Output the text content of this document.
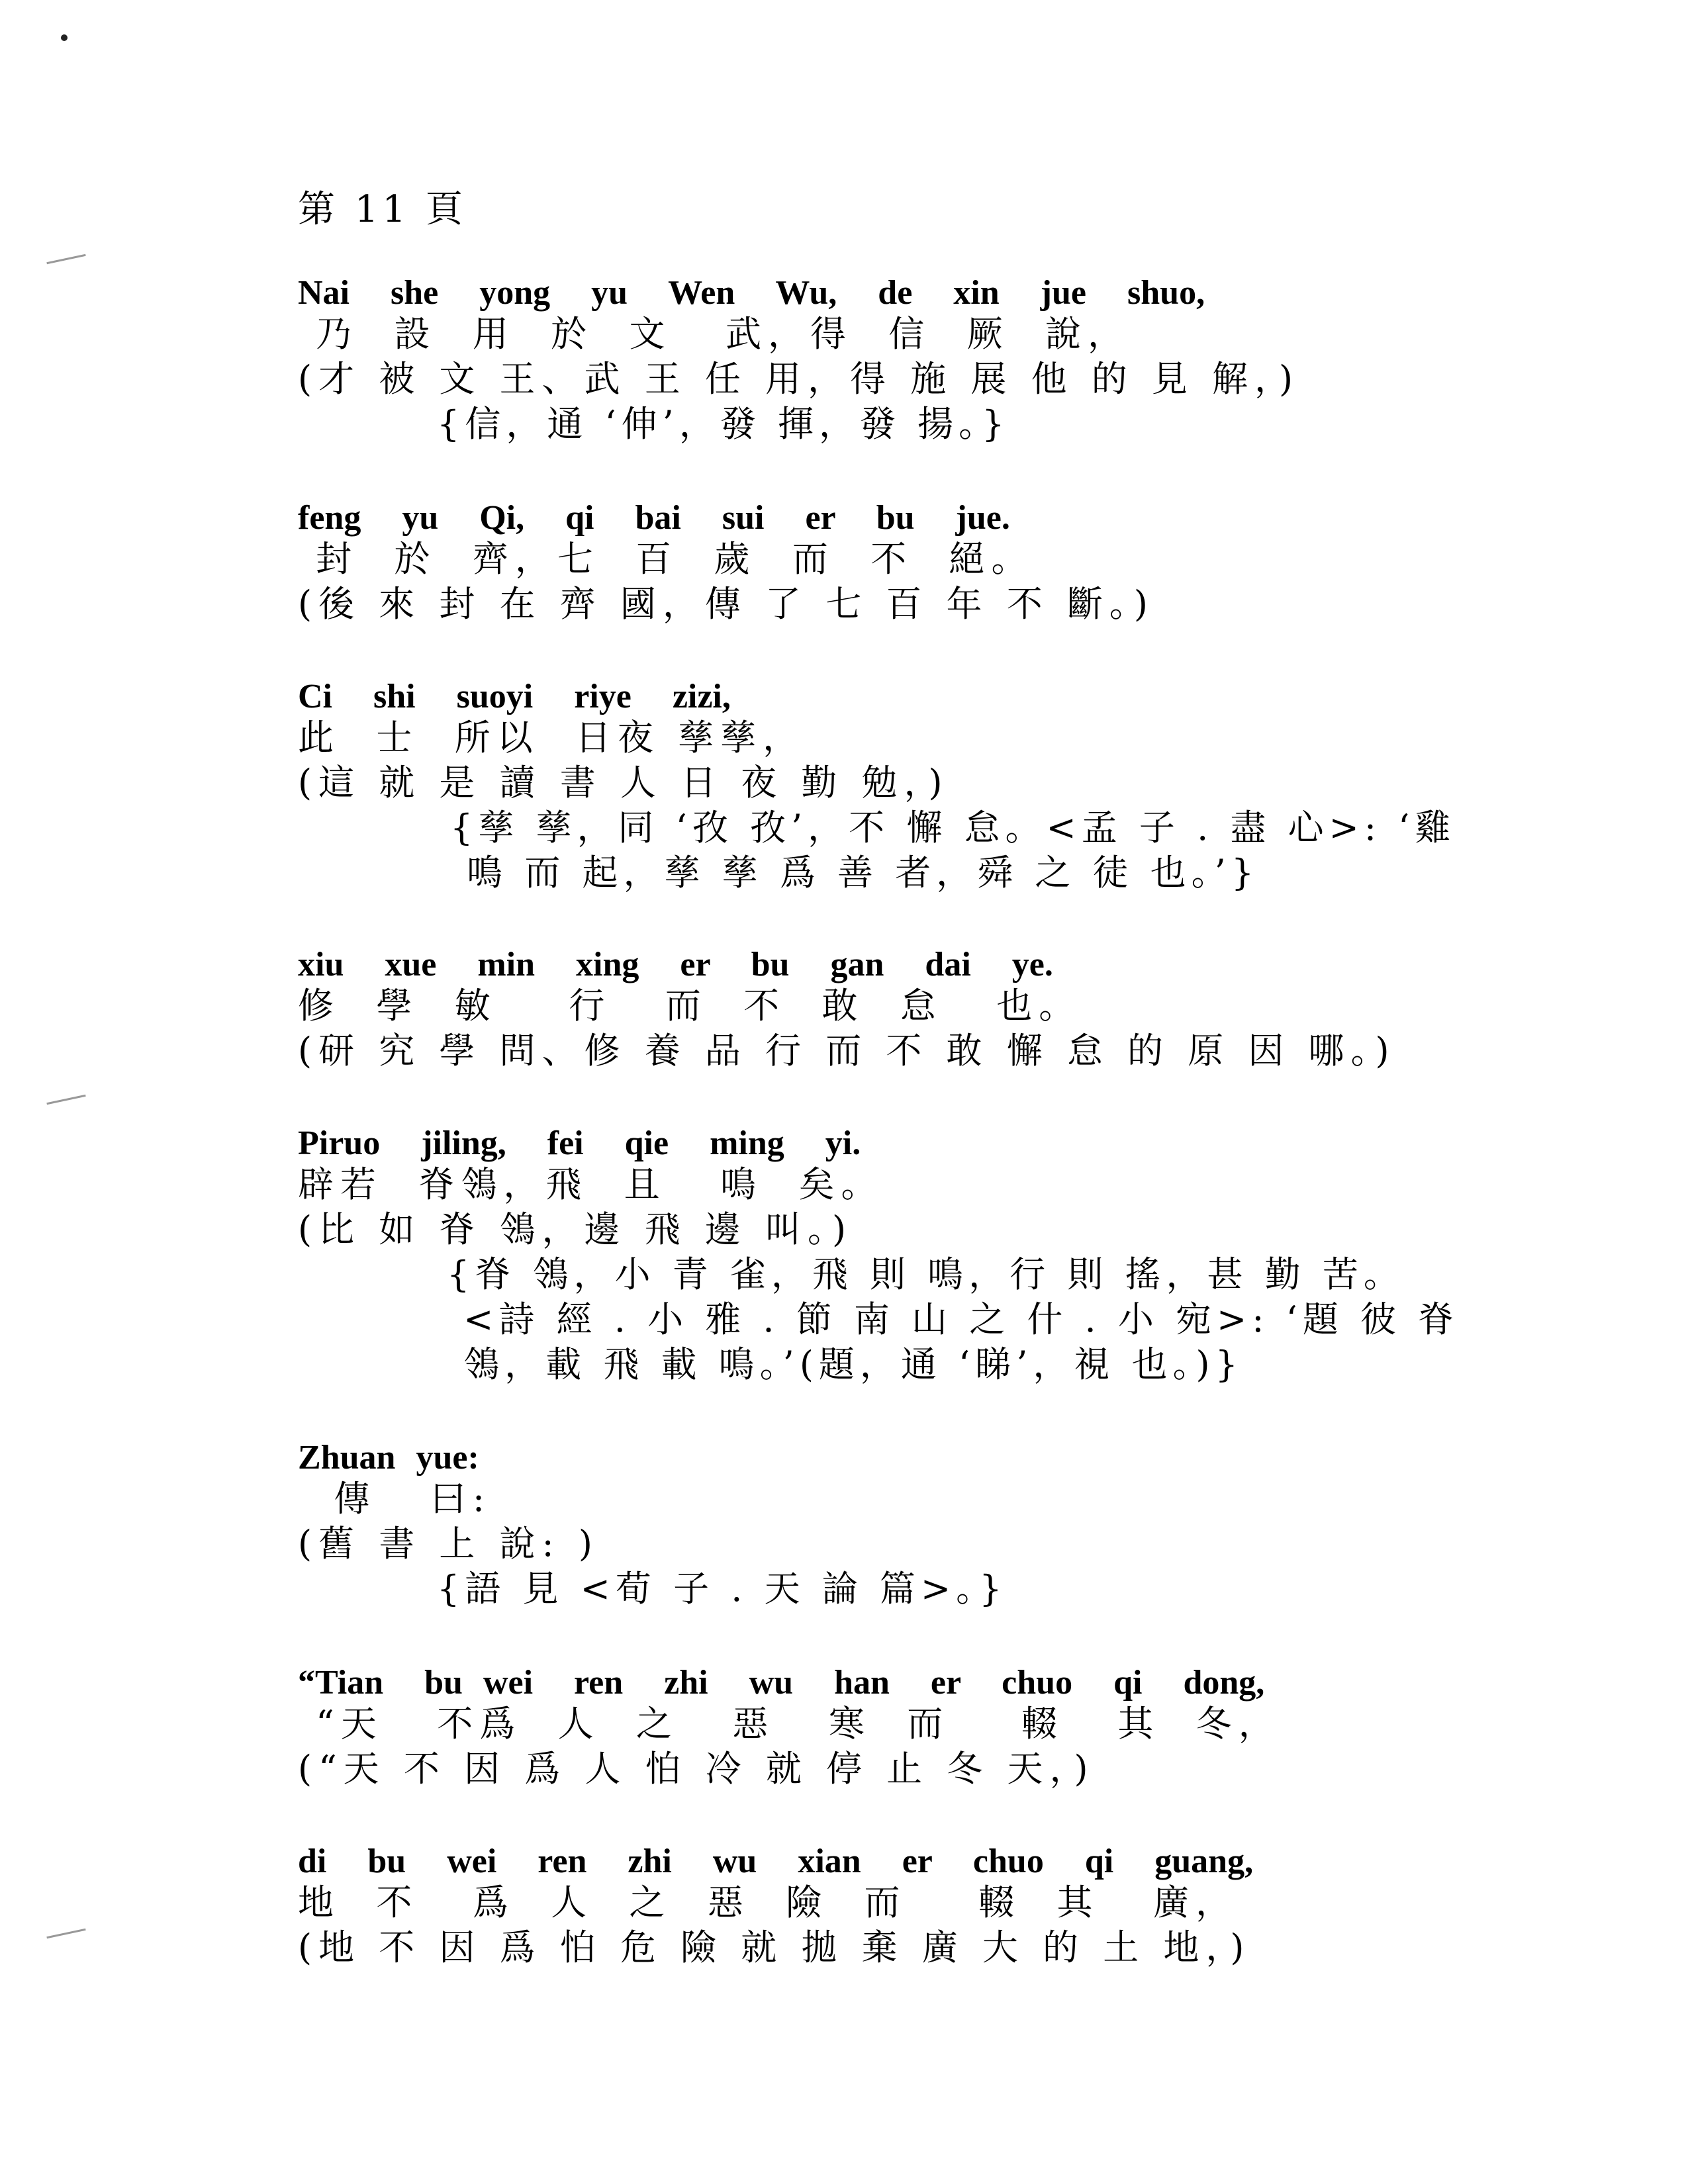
第 11 頁
Nai  she  yong  yu  Wen  Wu,  de  xin  jue  shuo,
乃  設  用  於  文   武，得  信  厥  說，
(才 被 文 王、武 王 任 用，得 施 展 他 的 見 解，)
{信，通 ‘伸’，發 揮，發 揚。}
feng  yu  Qi,  qi  bai  sui  er  bu  jue.
封  於  齊，七  百  歲  而  不  絕。
(後 來 封 在 齊 國，傳 了 七 百 年 不 斷。)
Ci  shi  suoyi  riye  zizi,
此  士  所以  日夜 孳孳，
(這 就 是 讀 書 人 日 夜 勤 勉，)
{孳 孳，同 ‘孜 孜’，不 懈 怠。<孟 子 . 盡 心>: ‘雞
鳴 而 起，孳 孳 爲 善 者，舜 之 徒 也。’}
xiu  xue  min  xing  er  bu  gan  dai  ye.
修  學  敏    行   而  不  敢  怠   也。
(研 究 學 問、修 養 品 行 而 不 敢 懈 怠 的 原 因 哪。)
Piruo  jiling,  fei  qie  ming  yi.
辟若  脊鴒，飛  且   鳴  矣。
(比 如 脊 鴒，邊 飛 邊 叫。)
{脊 鴒，小 青 雀，飛 則 鳴，行 則 搖，甚 勤 苦。
<詩 經 . 小 雅 . 節 南 山 之 什 . 小 宛>: ‘題 彼 脊
鴒，載 飛 載 鳴。’(題，通 ‘睇’，視 也。)}
Zhuan yue:
傳   曰:
(舊 書 上 說: )
{語 見 <荀 子 . 天 論 篇>。}
“Tian  bu wei  ren  zhi  wu  han  er  chuo  qi  dong,
“天   不爲  人  之   惡   寒  而    輟   其  冬，
(“天 不 因 爲 人 怕 冷 就 停 止 冬 天，)
di  bu  wei  ren  zhi  wu  xian  er  chuo  qi  guang,
地  不   爲  人  之  惡  險  而    輟  其   廣，
(地 不 因 爲 怕 危 險 就 拋 棄 廣 大 的 土 地，)
